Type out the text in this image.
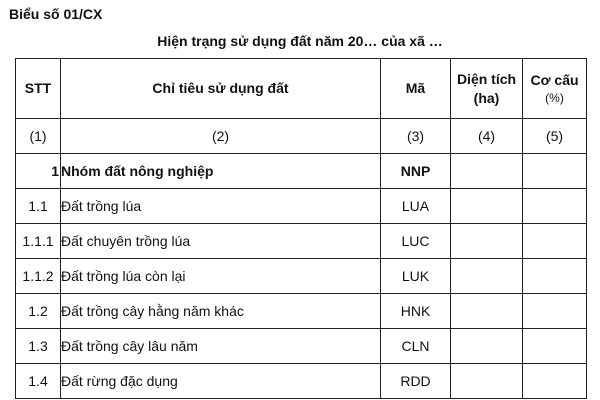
Biểu số 01/CX

Hiện trạng sử dụng đất năm 20… của xã …

STT	Chỉ tiêu sử dụng đất	Mã	Diện tích (ha)	Cơ cấu
(%)

(1)	(2)	(3)	(4)	(5)
1	Nhóm đất nông nghiệp	NNP		
1.1	Đất trồng lúa	LUA		
1.1.1	Đất chuyên trồng lúa	LUC		
1.1.2	Đất trồng lúa còn lại	LUK		
1.2	Đất trồng cây hằng năm khác	HNK		
1.3	Đất trồng cây lâu năm	CLN		
1.4	Đất rừng đặc dụng	RDD		
